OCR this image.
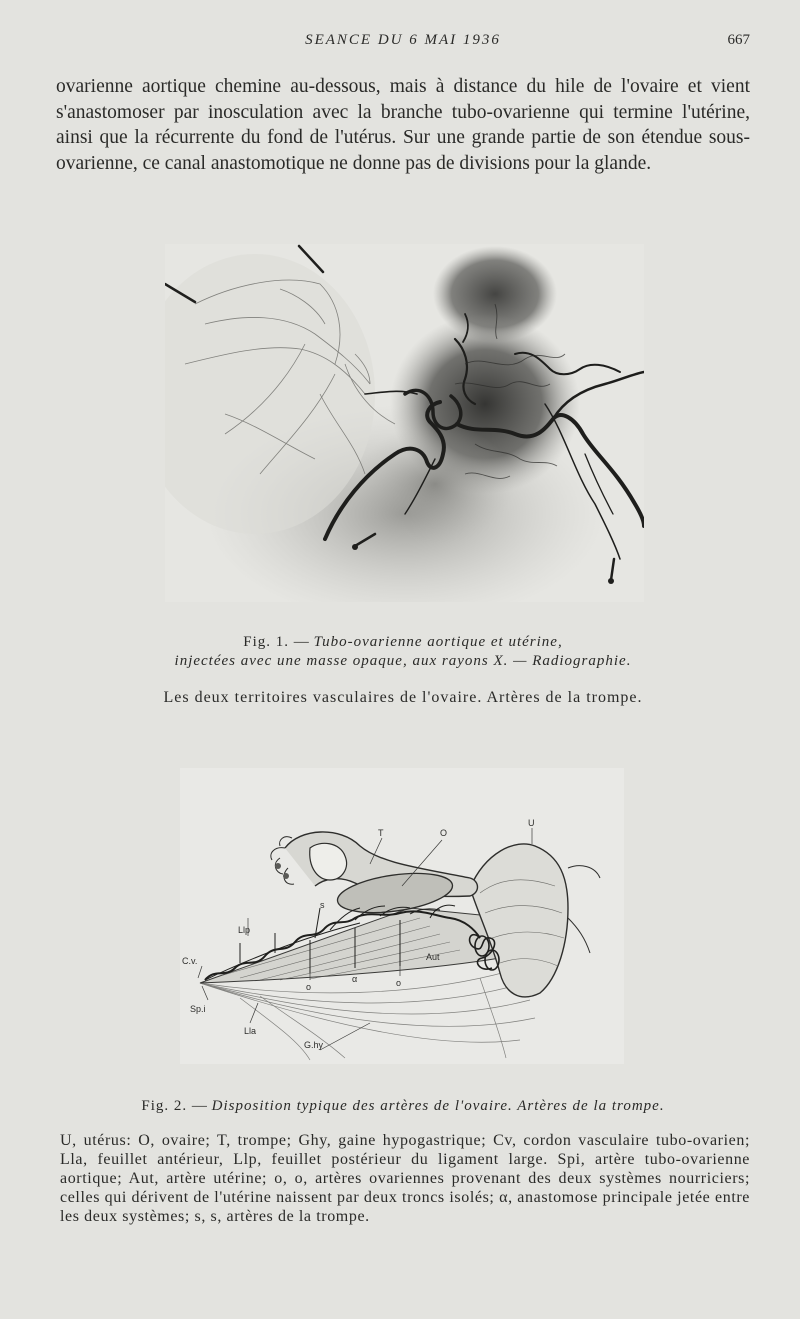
SEANCE DU 6 MAI 1936	667

ovarienne aortique chemine au-dessous, mais à distance du hile de l'ovaire et vient s'anastomoser par inosculation avec la branche tubo-ovarienne qui termine l'utérine, ainsi que la récurrente du fond de l'utérus. Sur une grande partie de son étendue sous-ovarienne, ce canal anastomotique ne donne pas de divisions pour la glande.

Fig. 1. — Tubo-ovarienne aortique et utérine,

injectées avec une masse opaque, aux rayons X. — Radiographie.

Les deux territoires vasculaires de l'ovaire. Artères de la trompe.

T	O
U
Llp
C.v.
Sp.i
Lla
G.hy
o
α	o
Aut
s

Fig. 2. — Disposition typique des artères de l'ovaire. Artères de la trompe.

U, utérus: O, ovaire; T, trompe; Ghy, gaine hypogastrique; Cv, cordon vasculaire tubo-ovarien; Lla, feuillet antérieur, Llp, feuillet postérieur du ligament large. Spi, artère tubo-ovarienne aortique; Aut, artère utérine; o, o, artères ovariennes provenant des deux systèmes nourriciers; celles qui dérivent de l'utérine naissent par deux troncs isolés; α, anastomose principale jetée entre les deux systèmes; s, s, artères de la trompe.
